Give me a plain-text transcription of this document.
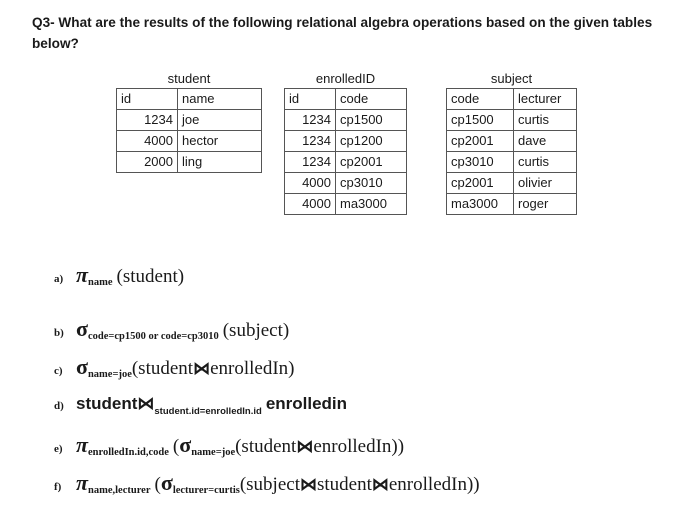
Q3- What are the results of the following relational algebra operations based on the given tables below?
student
id	name
1234	joe
4000	hector
2000	ling
enrolledID
id	code
1234	cp1500
1234	cp1200
1234	cp2001
4000	cp3010
4000	ma3000
subject
code	lecturer
cp1500	curtis
cp2001	dave
cp3010	curtis
cp2001	olivier
ma3000	roger
a) $\pi_{name}$ (student)
b) $\sigma_{code=cp1500 or code=cp3010}$ (subject)
c) $\sigma_{name=joe}(student⋈enrolledIn)$
d) $student⋈_{student.id=enrolledIn.id}$ enrolledin
e) $\pi_{enrolledIn.id,code}$ $(\sigma_{name=joe}(student⋈enrolledIn))$
f) $\pi_{name,lecturer}$ $(\sigma_{lecturer=curtis}(subject⋈student⋈enrolledIn))$
